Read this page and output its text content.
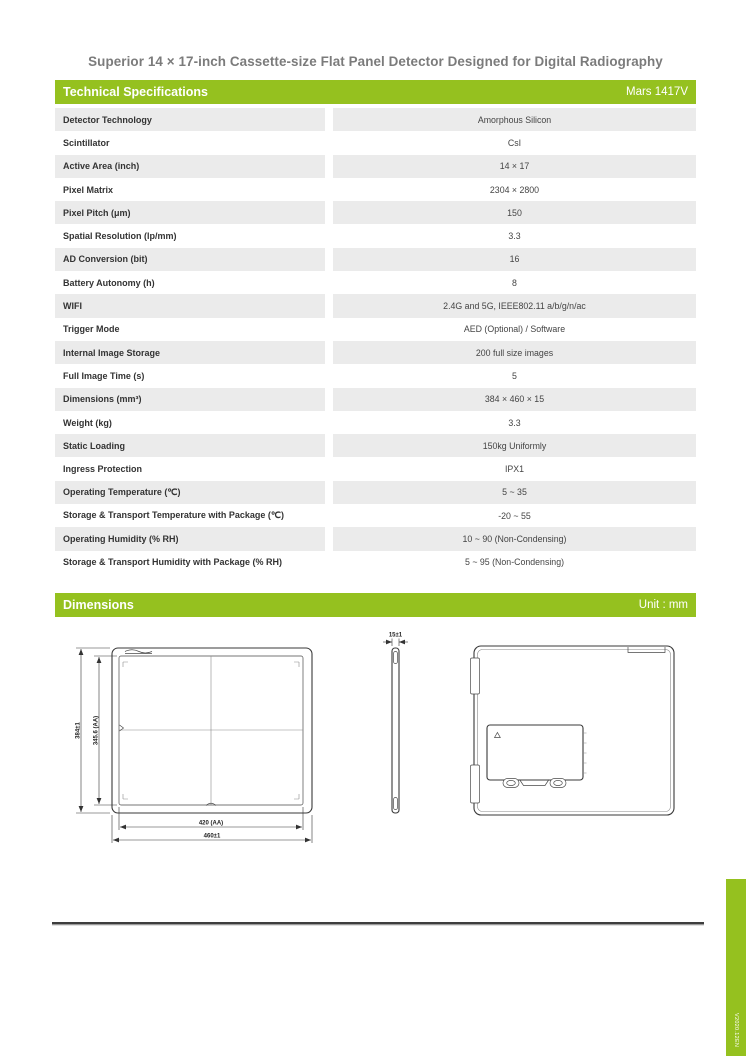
Superior 14 × 17-inch Cassette-size Flat Panel Detector Designed for Digital Radiography
Technical Specifications	Mars 1417V
Detector Technology	Amorphous Silicon
Scintillator	CsI
Active Area (inch)	14 × 17
Pixel Matrix	2304 × 2800
Pixel Pitch (μm)	150
Spatial Resolution (lp/mm)	3.3
AD Conversion (bit)	16
Battery Autonomy (h)	8
WIFI	2.4G and 5G, IEEE802.11 a/b/g/n/ac
Trigger Mode	AED (Optional) / Software
Internal Image Storage	200 full size images
Full Image Time (s)	5
Dimensions (mm³)	384 × 460 × 15
Weight (kg)	3.3
Static Loading	150kg Uniformly
Ingress Protection	IPX1
Operating Temperature (℃)	5 ~ 35
Storage & Transport Temperature with Package (℃)	-20 ~ 55
Operating Humidity (% RH)	10 ~ 90 (Non-Condensing)
Storage & Transport Humidity with Package (% RH)	5 ~ 95 (Non-Condensing)
Dimensions	Unit : mm
384±1 345.6 (AA)
420 (AA)
460±1
15±1
V2020.12EN
